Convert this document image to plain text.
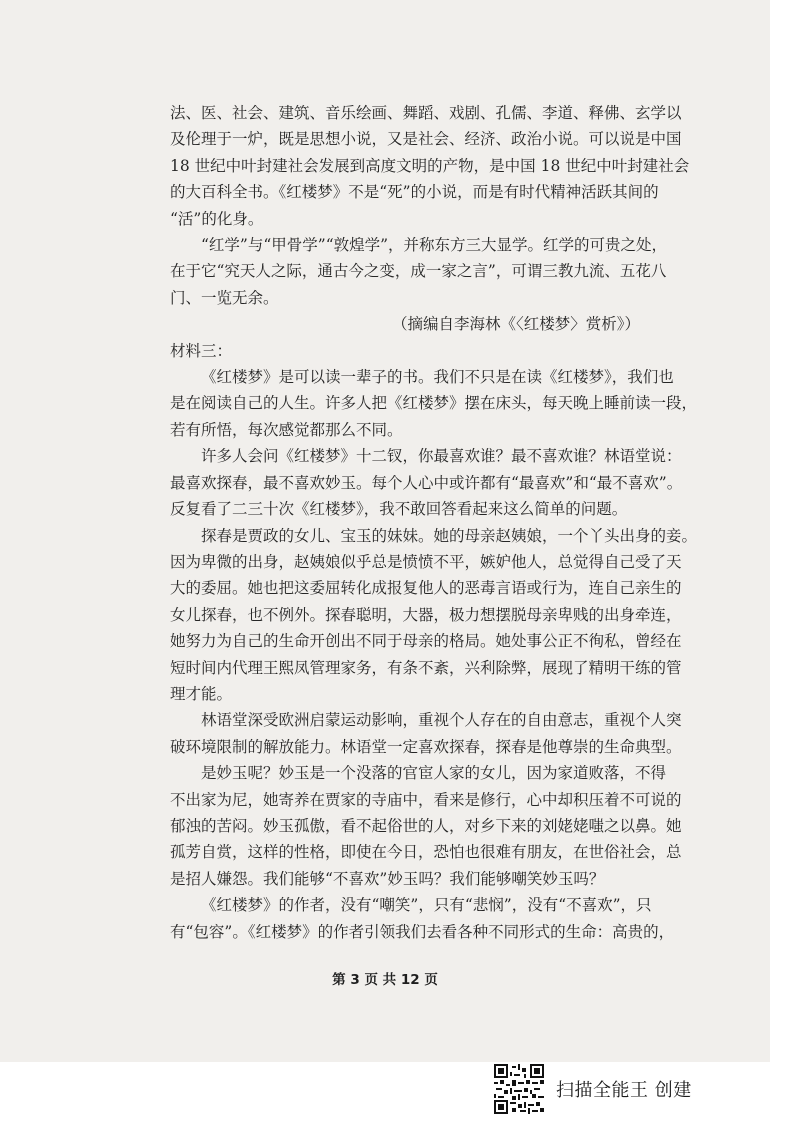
法、医、社会、建筑、音乐绘画、舞蹈、戏剧、孔儒、李道、释佛、玄学以
及伦理于一炉，既是思想小说，又是社会、经济、政治小说。可以说是中国
18 世纪中叶封建社会发展到高度文明的产物，是中国 18 世纪中叶封建社会
的大百科全书。《红楼梦》不是“死”的小说，而是有时代精神活跃其间的
“活”的化身。
“红学”与“甲骨学”“敦煌学”，并称东方三大显学。红学的可贵之处，
在于它“究天人之际，通古今之变，成一家之言”，可谓三教九流、五花八
门、一览无余。
（摘编自李海林《〈红楼梦〉赏析》）
材料三：
《红楼梦》是可以读一辈子的书。我们不只是在读《红楼梦》，我们也
是在阅读自己的人生。许多人把《红楼梦》摆在床头，每天晚上睡前读一段，
若有所悟，每次感觉都那么不同。
许多人会问《红楼梦》十二钗，你最喜欢谁？最不喜欢谁？林语堂说：
最喜欢探春，最不喜欢妙玉。每个人心中或许都有“最喜欢”和“最不喜欢”。
反复看了二三十次《红楼梦》，我不敢回答看起来这么简单的问题。
探春是贾政的女儿、宝玉的妹妹。她的母亲赵姨娘，一个丫头出身的妾。
因为卑微的出身，赵姨娘似乎总是愤愤不平，嫉妒他人，总觉得自己受了天
大的委屈。她也把这委屈转化成报复他人的恶毒言语或行为，连自己亲生的
女儿探春，也不例外。探春聪明，大器，极力想摆脱母亲卑贱的出身牵连，
她努力为自己的生命开创出不同于母亲的格局。她处事公正不徇私，曾经在
短时间内代理王熙凤管理家务，有条不紊，兴利除弊，展现了精明干练的管
理才能。
林语堂深受欧洲启蒙运动影响，重视个人存在的自由意志，重视个人突
破环境限制的解放能力。林语堂一定喜欢探春，探春是他尊崇的生命典型。
是妙玉呢？妙玉是一个没落的官宦人家的女儿，因为家道败落，不得
不出家为尼，她寄养在贾家的寺庙中，看来是修行，心中却积压着不可说的
郁浊的苦闷。妙玉孤傲，看不起俗世的人，对乡下来的刘姥姥嗤之以鼻。她
孤芳自赏，这样的性格，即使在今日，恐怕也很难有朋友，在世俗社会，总
是招人嫌怨。我们能够“不喜欢”妙玉吗？我们能够嘲笑妙玉吗？
《红楼梦》的作者，没有“嘲笑”，只有“悲悯”，没有“不喜欢”，只
有“包容”。《红楼梦》的作者引领我们去看各种不同形式的生命：高贵的，
第 3 页 共 12 页
扫描全能王 创建
